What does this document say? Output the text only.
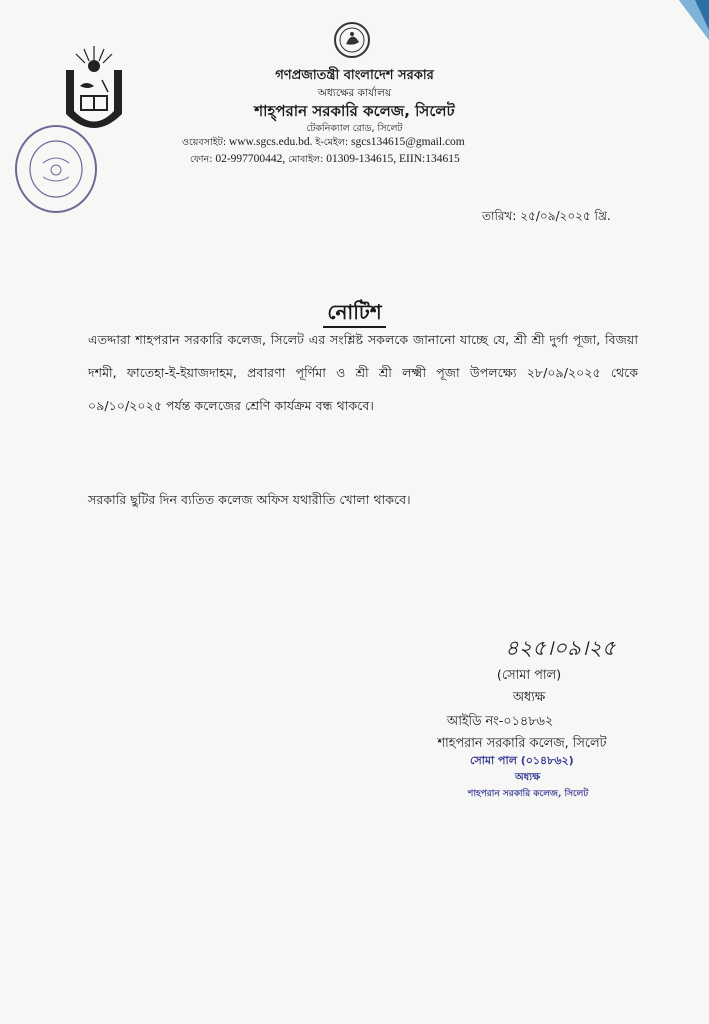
গণপ্রজাতন্ত্রী বাংলাদেশ সরকার
অধ্যক্ষের কার্যালয়
শাহ্‌পরান সরকারি কলেজ, সিলেট
টেকনিক্যাল রোড, সিলেট
ওয়েবসাইট: www.sgcs.edu.bd. ই-মেইল: sgcs134615@gmail.com
ফোন: 02-997700442, মোবাইল: 01309-134615, EIIN:134615
তারিখ: ২৫/০৯/২০২৫ খ্রি.
নোটিশ
এতদ্দারা শাহপরান সরকারি কলেজ, সিলেট এর সংশ্লিষ্ট সকলকে জানানো যাচ্ছে যে, শ্রী শ্রী দুর্গা পূজা, বিজয়া দশমী, ফাতেহা-ই-ইয়াজদাহম, প্রবারণা পূর্ণিমা ও শ্রী শ্রী লক্ষ্মী পূজা উপলক্ষ্যে ২৮/০৯/২০২৫ থেকে ০৯/১০/২০২৫ পর্যন্ত কলেজের শ্রেণি কার্যক্রম বন্ধ থাকবে।
সরকারি ছুটির দিন ব্যতিত কলেজ অফিস যথারীতি খোলা থাকবে।
৪২৫।০৯।২৫
(সোমা পাল)
অধ্যক্ষ
আইডি নং-০১৪৮৬২
শাহপরান সরকারি কলেজ, সিলেট
সোমা পাল (০১৪৮৬২)
অধ্যক্ষ
শাহপরান সরকারি কলেজ, সিলেট
